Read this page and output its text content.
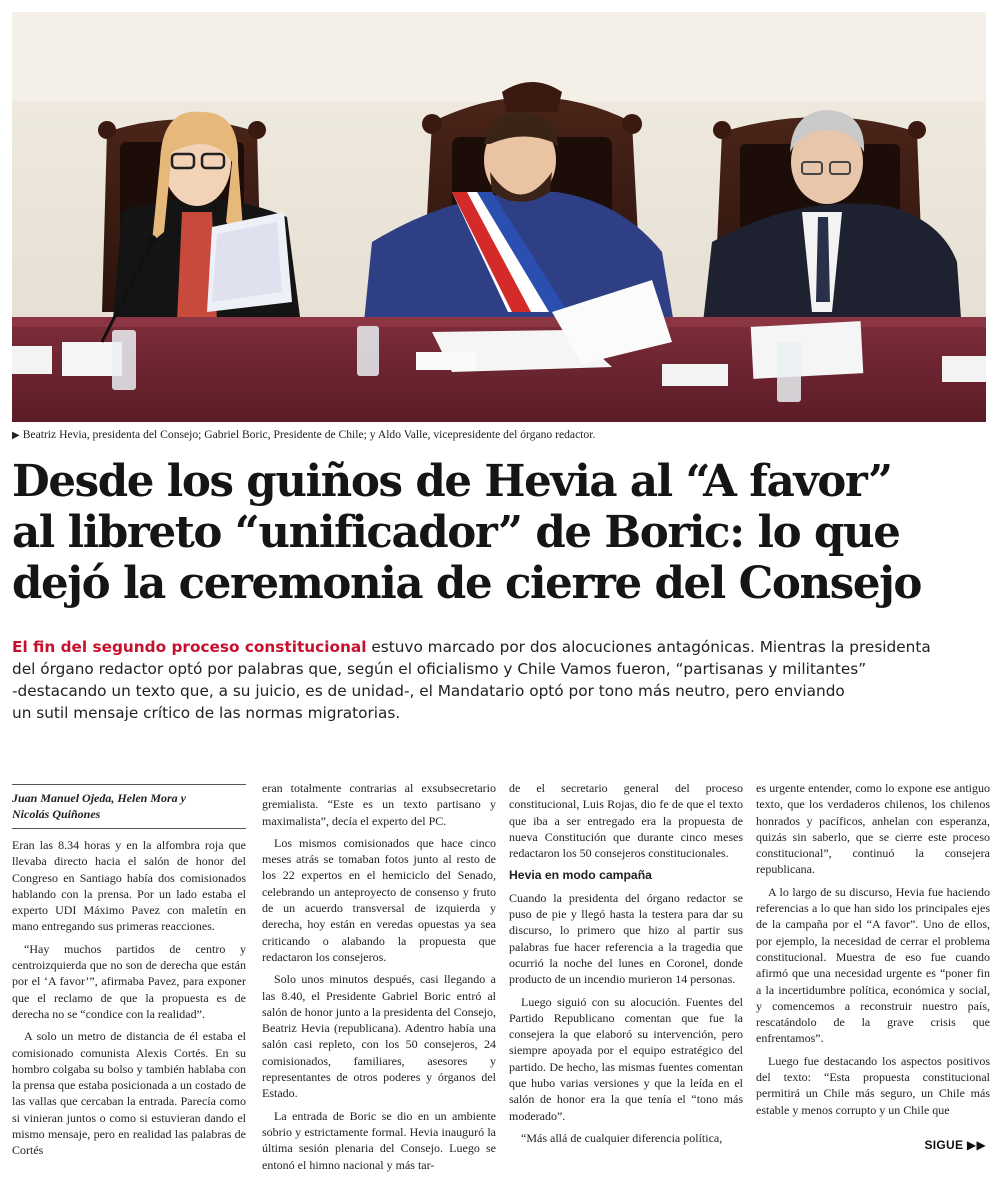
▶ Beatriz Hevia, presidenta del Consejo; Gabriel Boric, Presidente de Chile; y Aldo Valle, vicepresidente del órgano redactor.
Desde los guiños de Hevia al “A favor”
al libreto “unificador” de Boric: lo que
dejó la ceremonia de cierre del Consejo

El fin del segundo proceso constitucional estuvo marcado por dos alocuciones antagónicas. Mientras la presidenta
del órgano redactor optó por palabras que, según el oficialismo y Chile Vamos fueron, “partisanas y militantes”
-destacando un texto que, a su juicio, es de unidad-, el Mandatario optó por tono más neutro, pero enviando
un sutil mensaje crítico de las normas migratorias.

Juan Manuel Ojeda, Helen Mora y
Nicolás Quiñones

Eran las 8.34 horas y en la alfombra roja que llevaba directo hacia el salón de honor del Congreso en Santiago había dos comisionados hablando con la prensa. Por un lado estaba el experto UDI Máximo Pavez con maletín en mano entregando sus primeras reacciones.

“Hay muchos partidos de centro y centroizquierda que no son de derecha que están por el ‘A favor’”, afirmaba Pavez, para exponer que el reclamo de que la propuesta es de derecha no se “condice con la realidad”.

A solo un metro de distancia de él estaba el comisionado comunista Alexis Cortés. En su hombro colgaba su bolso y también hablaba con la prensa que estaba posicionada a un costado de las vallas que cercaban la entrada. Parecía como si vinieran juntos o como si estuvieran dando el mismo mensaje, pero en realidad las palabras de Cortés

eran totalmente contrarias al exsubsecretario gremialista. “Este es un texto partisano y maximalista”, decía el experto del PC.

Los mismos comisionados que hace cinco meses atrás se tomaban fotos junto al resto de los 22 expertos en el hemiciclo del Senado, celebrando un anteproyecto de consenso y fruto de un acuerdo transversal de izquierda y derecha, hoy están en veredas opuestas ya sea criticando o alabando la propuesta que redactaron los consejeros.

Solo unos minutos después, casi llegando a las 8.40, el Presidente Gabriel Boric entró al salón de honor junto a la presidenta del Consejo, Beatriz Hevia (republicana). Adentro había una salón casi repleto, con los 50 consejeros, 24 comisionados, familiares, asesores y representantes de otros poderes y órganos del Estado.

La entrada de Boric se dio en un ambiente sobrio y estrictamente formal. Hevia inauguró la última sesión plenaria del Consejo. Luego se entonó el himno nacional y más tar-

de el secretario general del proceso constitucional, Luis Rojas, dio fe de que el texto que iba a ser entregado era la propuesta de nueva Constitución que durante cinco meses redactaron los 50 consejeros constitucionales.

Hevia en modo campaña

Cuando la presidenta del órgano redactor se puso de pie y llegó hasta la testera para dar su discurso, lo primero que hizo al partir sus palabras fue hacer referencia a la tragedia que ocurrió la noche del lunes en Coronel, donde producto de un incendio murieron 14 personas.

Luego siguió con su alocución. Fuentes del Partido Republicano comentan que fue la consejera la que elaboró su intervención, pero siempre apoyada por el equipo estratégico del partido. De hecho, las mismas fuentes comentan que hubo varias versiones y que la leída en el salón de honor era la que tenía el “tono más moderado”.

“Más allá de cualquier diferencia política,

es urgente entender, como lo expone ese antiguo texto, que los verdaderos chilenos, los chilenos honrados y pacíficos, anhelan con esperanza, quizás sin saberlo, que se cierre este proceso constitucional”, continuó la consejera republicana.

A lo largo de su discurso, Hevia fue haciendo referencias a lo que han sido los principales ejes de la campaña por el “A favor”. Uno de ellos, por ejemplo, la necesidad de cerrar el problema constitucional. Muestra de eso fue cuando afirmó que una necesidad urgente es “poner fin a la incertidumbre política, económica y social, y comencemos a reconstruir nuestro país, rescatándolo de la grave crisis que enfrentamos”.

Luego fue destacando los aspectos positivos del texto: “Esta propuesta constitucional permitirá un Chile más seguro, un Chile más estable y menos corrupto y un Chile que

SIGUE ▶▶
